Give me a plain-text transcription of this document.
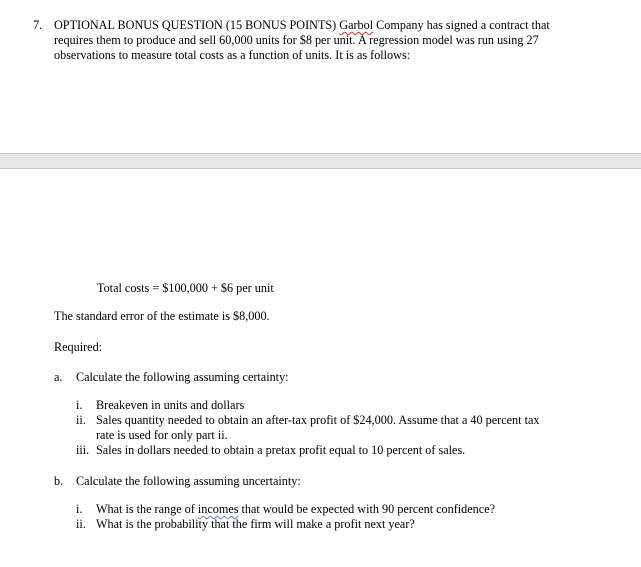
7. OPTIONAL BONUS QUESTION (15 BONUS POINTS) Garbol Company has signed a contract that
requires them to produce and sell 60,000 units for $8 per unit. A regression model was run using 27
observations to measure total costs as a function of units. It is as follows:
Total costs = $100,000 + $6 per unit
The standard error of the estimate is $8,000.
Required:
a. Calculate the following assuming certainty:
i. Breakeven in units and dollars
ii. Sales quantity needed to obtain an after-tax profit of $24,000. Assume that a 40 percent tax
rate is used for only part ii.
iii. Sales in dollars needed to obtain a pretax profit equal to 10 percent of sales.
b. Calculate the following assuming uncertainty:
i. What is the range of incomes that would be expected with 90 percent confidence?
ii. What is the probability that the firm will make a profit next year?
